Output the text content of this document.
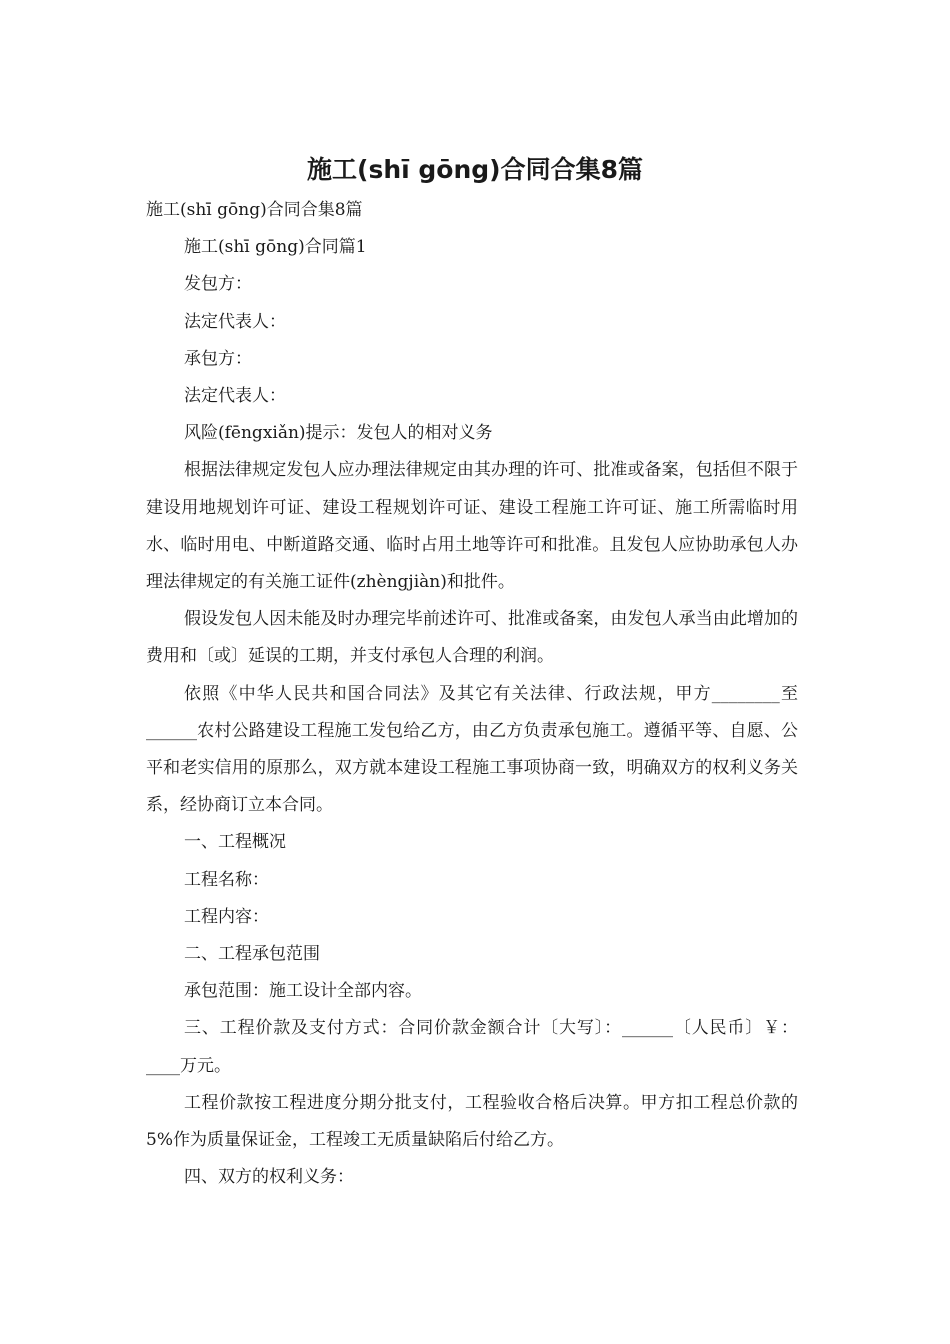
施工(shī gōng)合同合集8篇

施工(shī gōng)合同合集8篇

施工(shī gōng)合同篇1

发包方：

法定代表人：

承包方：

法定代表人：

风险(fēngxiǎn)提示：发包人的相对义务

根据法律规定发包人应办理法律规定由其办理的许可、批准或备案，包括但不限于建设用地规划许可证、建设工程规划许可证、建设工程施工许可证、施工所需临时用水、临时用电、中断道路交通、临时占用土地等许可和批准。且发包人应协助承包人办理法律规定的有关施工证件(zhèngjiàn)和批件。

假设发包人因未能及时办理完毕前述许可、批准或备案，由发包人承当由此增加的费用和〔或〕延误的工期，并支付承包人合理的利润。

依照《中华人民共和国合同法》及其它有关法律、行政法规，甲方________至______农村公路建设工程施工发包给乙方，由乙方负责承包施工。遵循平等、自愿、公平和老实信用的原那么，双方就本建设工程施工事项协商一致，明确双方的权利义务关系，经协商订立本合同。

一、工程概况

工程名称：

工程内容：

二、工程承包范围

承包范围：施工设计全部内容。

三、工程价款及支付方式：合同价款金额合计〔大写〕：______〔人民币〕￥：____万元。

工程价款按工程进度分期分批支付，工程验收合格后决算。甲方扣工程总价款的5%作为质量保证金，工程竣工无质量缺陷后付给乙方。

四、双方的权利义务：
